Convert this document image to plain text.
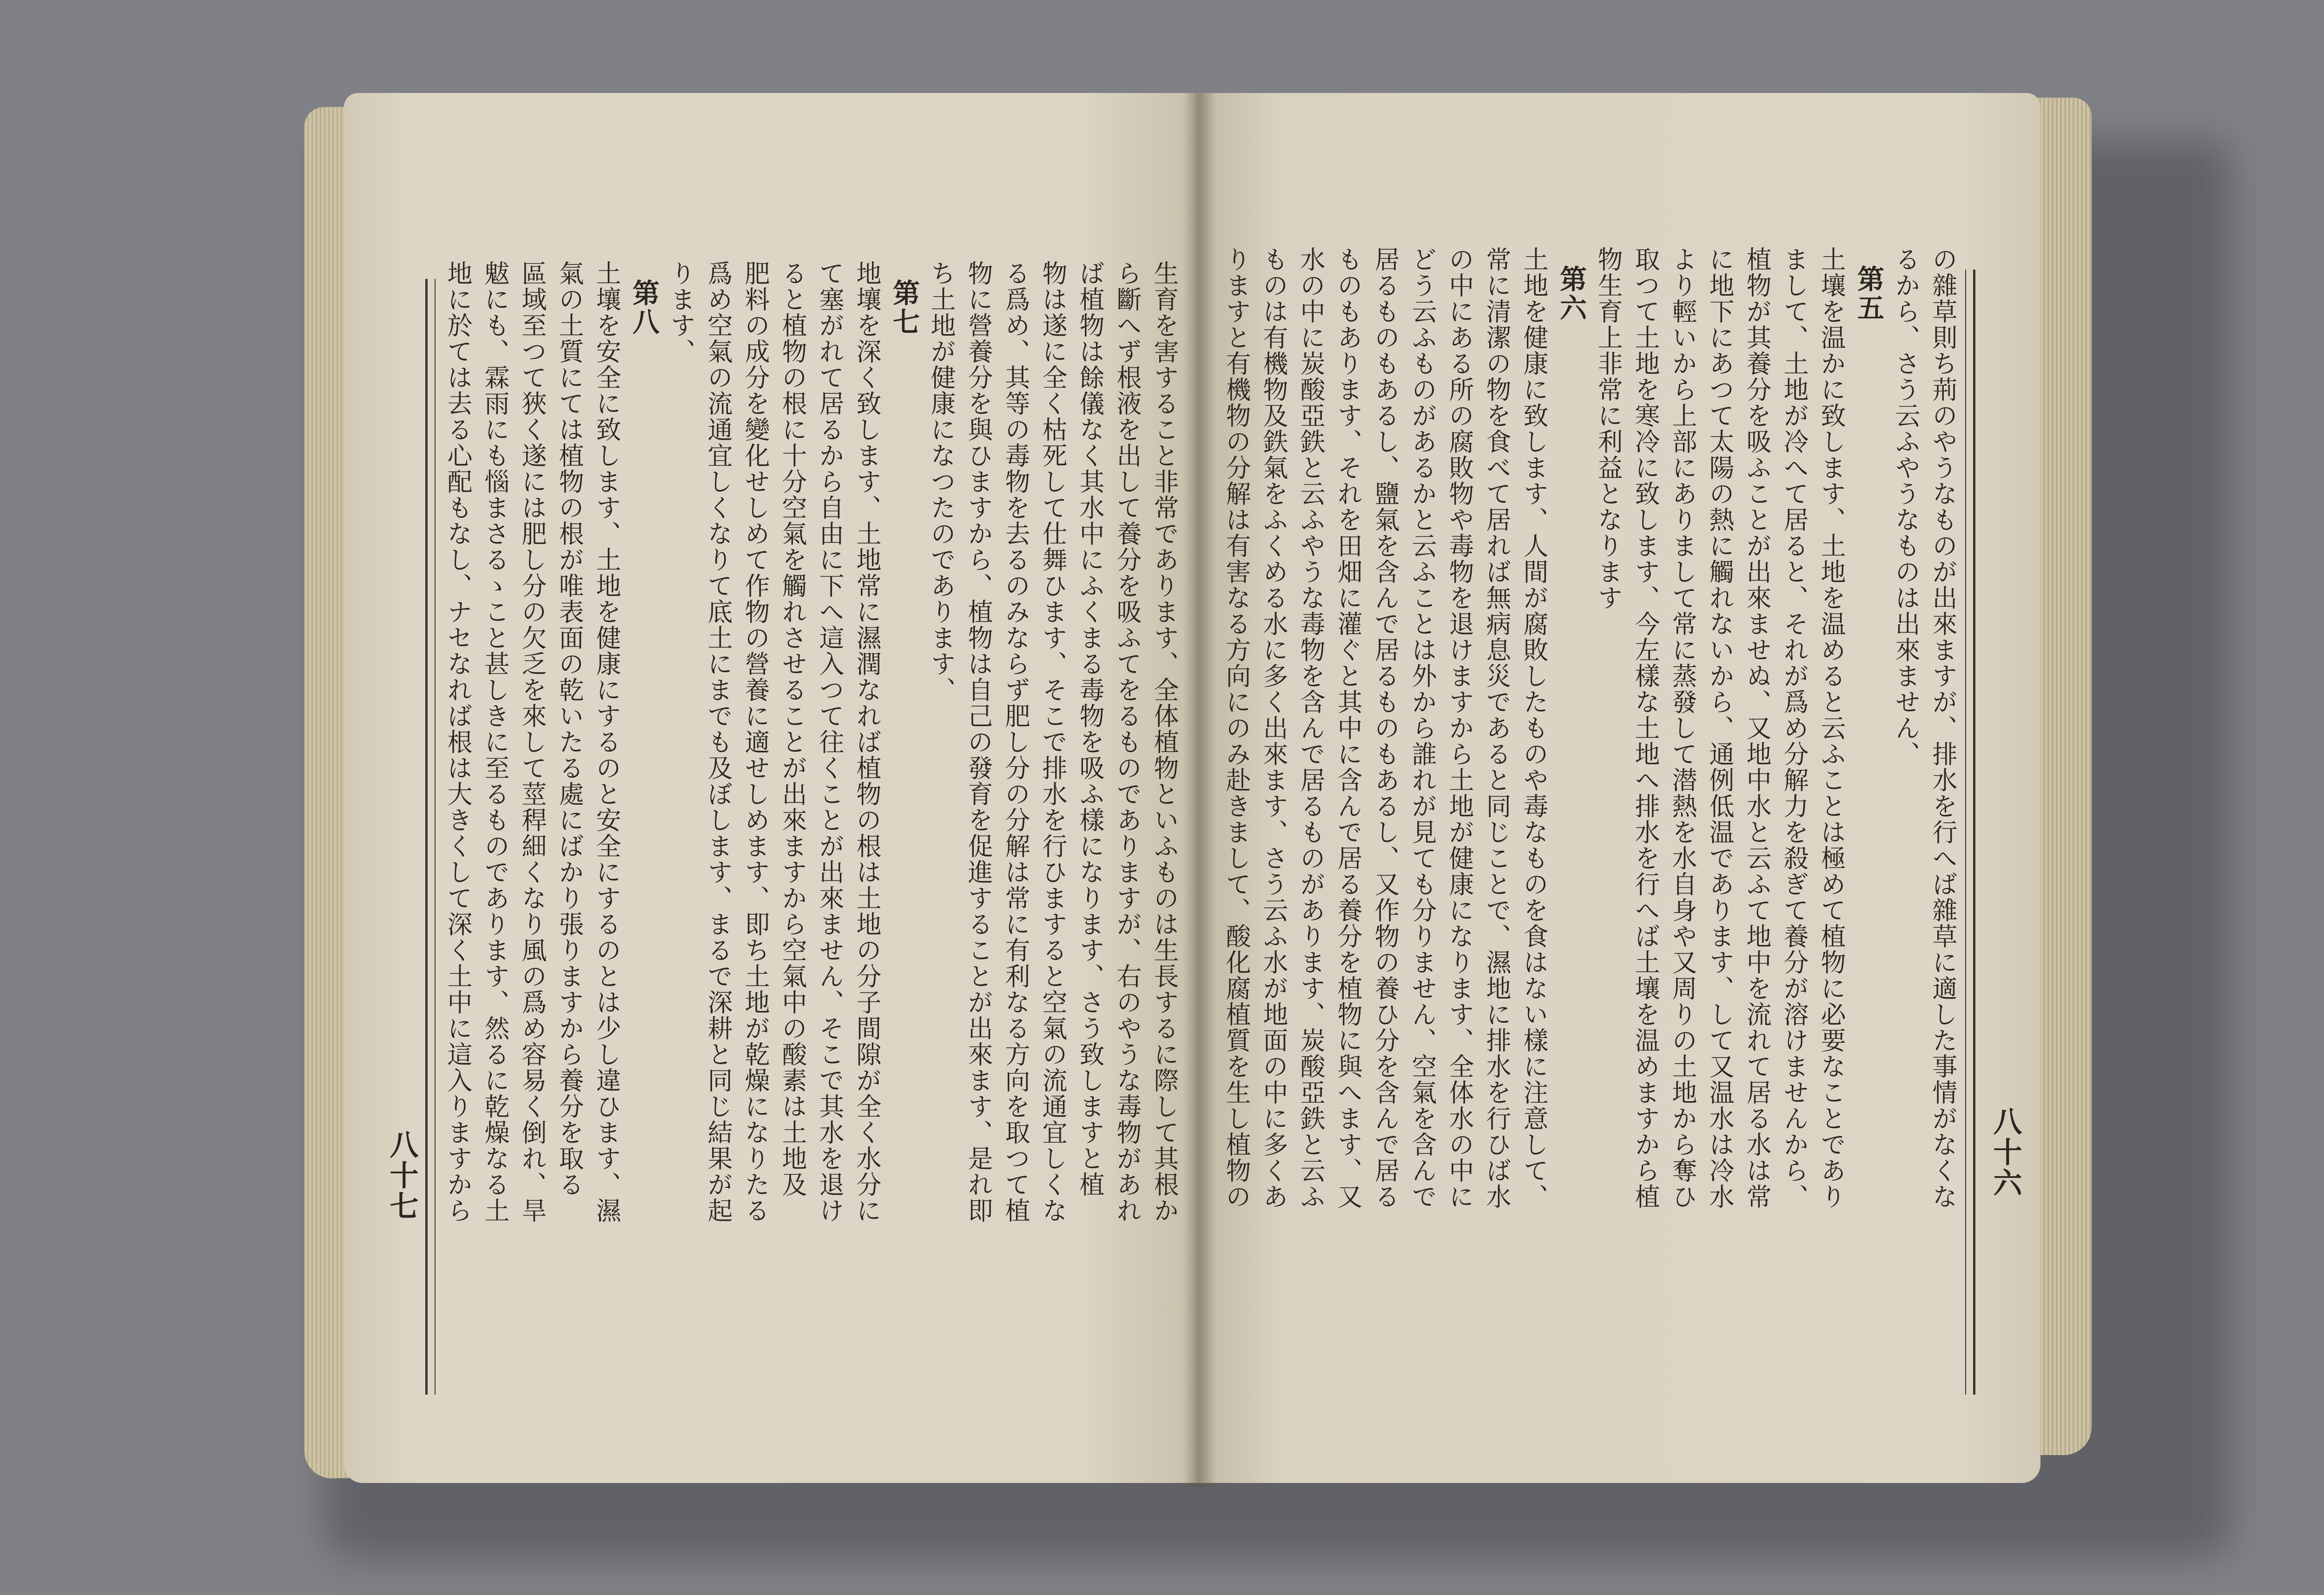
八十六
の雜草則ち荊のやうなものが出來ますが、排水を行へば雜草に適した事情がなくな
るから、さう云ふやうなものは出來ません、
第五
土壤を温かに致します、土地を温めると云ふことは極めて植物に必要なことであり
まして、土地が冷へて居ると、それが爲め分解力を殺ぎて養分が溶けませんから、
植物が其養分を吸ふことが出來ませぬ、又地中水と云ふて地中を流れて居る水は常
に地下にあつて太陽の熱に觸れないから、通例低温であります、して又温水は冷水
より輕いから上部にありまして常に蒸發して潜熱を水自身や又周りの土地から奪ひ
取つて土地を寒冷に致します、今左樣な土地へ排水を行へば土壤を温めますから植
物生育上非常に利益となります
第六
土地を健康に致します、人間が腐敗したものや毒なものを食はない樣に注意して、
常に清潔の物を食べて居れば無病息災であると同じことで、濕地に排水を行ひば水
の中にある所の腐敗物や毒物を退けますから土地が健康になります、全体水の中に
どう云ふものがあるかと云ふことは外から誰れが見ても分りません、空氣を含んで
居るものもあるし、鹽氣を含んで居るものもあるし、又作物の養ひ分を含んで居る
ものもあります、それを田畑に灌ぐと其中に含んで居る養分を植物に與へます、又
水の中に炭酸亞鉄と云ふやうな毒物を含んで居るものがあります、炭酸亞鉄と云ふ
ものは有機物及鉄氣をふくめる水に多く出來ます、さう云ふ水が地面の中に多くあ
りますと有機物の分解は有害なる方向にのみ赴きまして、酸化腐植質を生し植物の
八十七	生育を害すること非常であります、全体植物といふものは生長するに際して其根か
ら斷へず根液を出して養分を吸ふてをるものでありますが、右のやうな毒物があれ
ば植物は餘儀なく其水中にふくまる毒物を吸ふ樣になります、さう致しますと植
物は遂に全く枯死して仕舞ひます、そこで排水を行ひますると空氣の流通宜しくな
る爲め、其等の毒物を去るのみならず肥し分の分解は常に有利なる方向を取つて植
物に營養分を與ひますから、植物は自己の發育を促進することが出來ます、是れ即
ち土地が健康になつたのであります、
第七
地壤を深く致します、土地常に濕潤なれば植物の根は土地の分子間隙が全く水分に
て塞がれて居るから自由に下へ這入つて往くことが出來ません、そこで其水を退け
ると植物の根に十分空氣を觸れさせることが出來ますから空氣中の酸素は土地及
肥料の成分を變化せしめて作物の營養に適せしめます、即ち土地が乾燥になりたる
爲め空氣の流通宜しくなりて底土にまでも及ぼします、まるで深耕と同じ結果が起
ります、
第八
土壤を安全に致します、土地を健康にするのと安全にするのとは少し違ひます、濕
氣の土質にては植物の根が唯表面の乾いたる處にばかり張りますから養分を取る
區域至つて狹く遂には肥し分の欠乏を來して莖稈細くなり風の爲め容易く倒れ、旱
魃にも、霖雨にも惱まさるゝこと甚しきに至るものであります、然るに乾燥なる土
地に於ては去る心配もなし、ナセなれば根は大きくして深く土中に這入りますから
